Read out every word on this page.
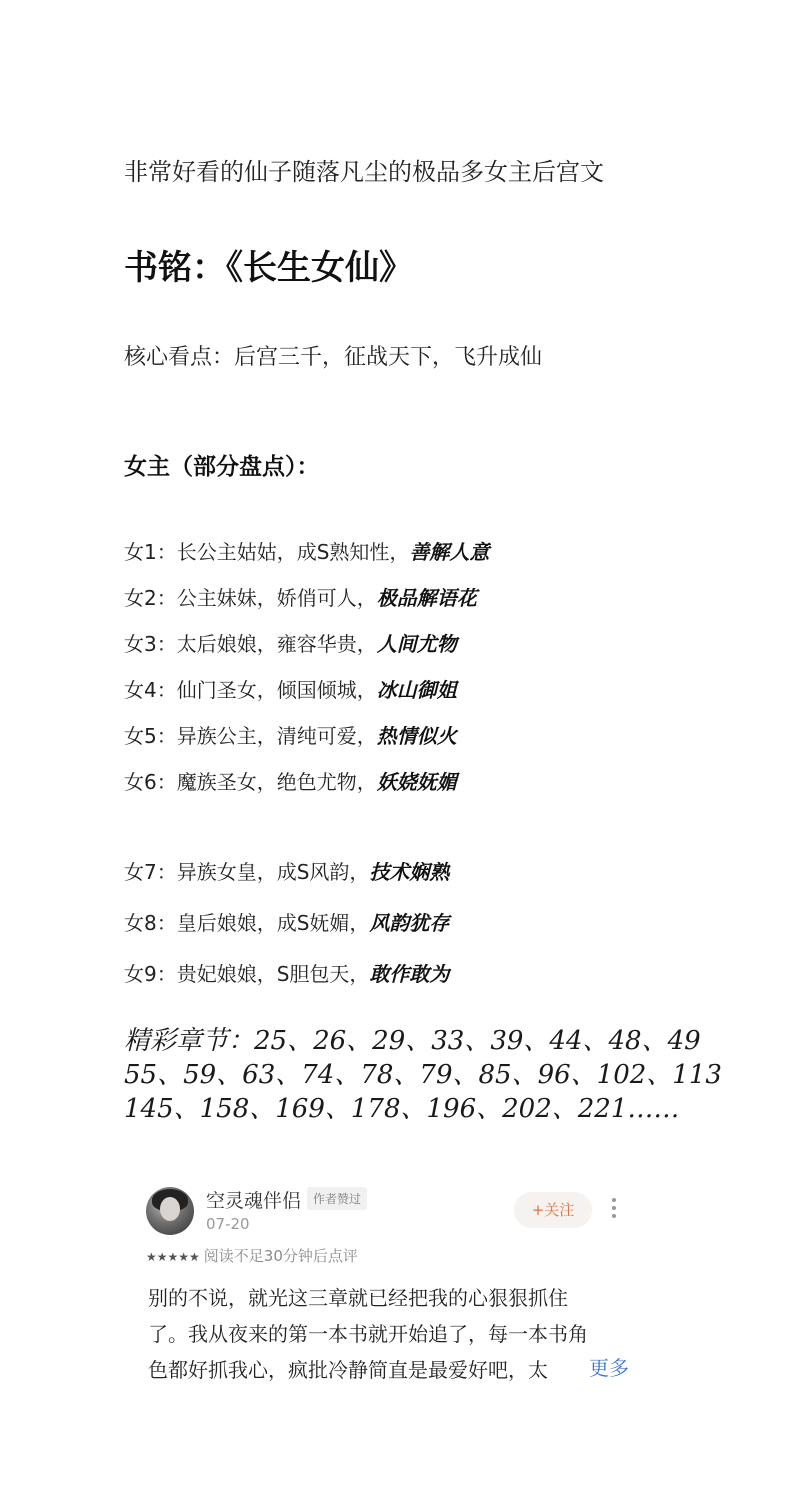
非常好看的仙子随落凡尘的极品多女主后宫文
书铭：《长生女仙》
核心看点：后宫三千，征战天下，飞升成仙
女主（部分盘点）：
女1：长公主姑姑，成S熟知性，善解人意
女2：公主妹妹，娇俏可人，极品解语花
女3：太后娘娘，雍容华贵，人间尤物
女4：仙门圣女，倾国倾城，冰山御姐
女5：异族公主，清纯可爱，热情似火
女6：魔族圣女，绝色尤物，妖娆妩媚
女7：异族女皇，成S风韵，技术娴熟
女8：皇后娘娘，成S妩媚，风韵犹存
女9：贵妃娘娘，S胆包天，敢作敢为
精彩章节：25、26、29、33、39、44、48、49
55、59、63、74、78、79、85、96、102、113
145、158、169、178、196、202、221……
空灵魂伴侣 作者赞过
07-20
+关注
★★★★★ 阅读不足30分钟后点评
别的不说，就光这三章就已经把我的心狠狠抓住
了。我从夜来的第一本书就开始追了，每一本书角
色都好抓我心，疯批冷静简直是最爱好吧，太	更多
